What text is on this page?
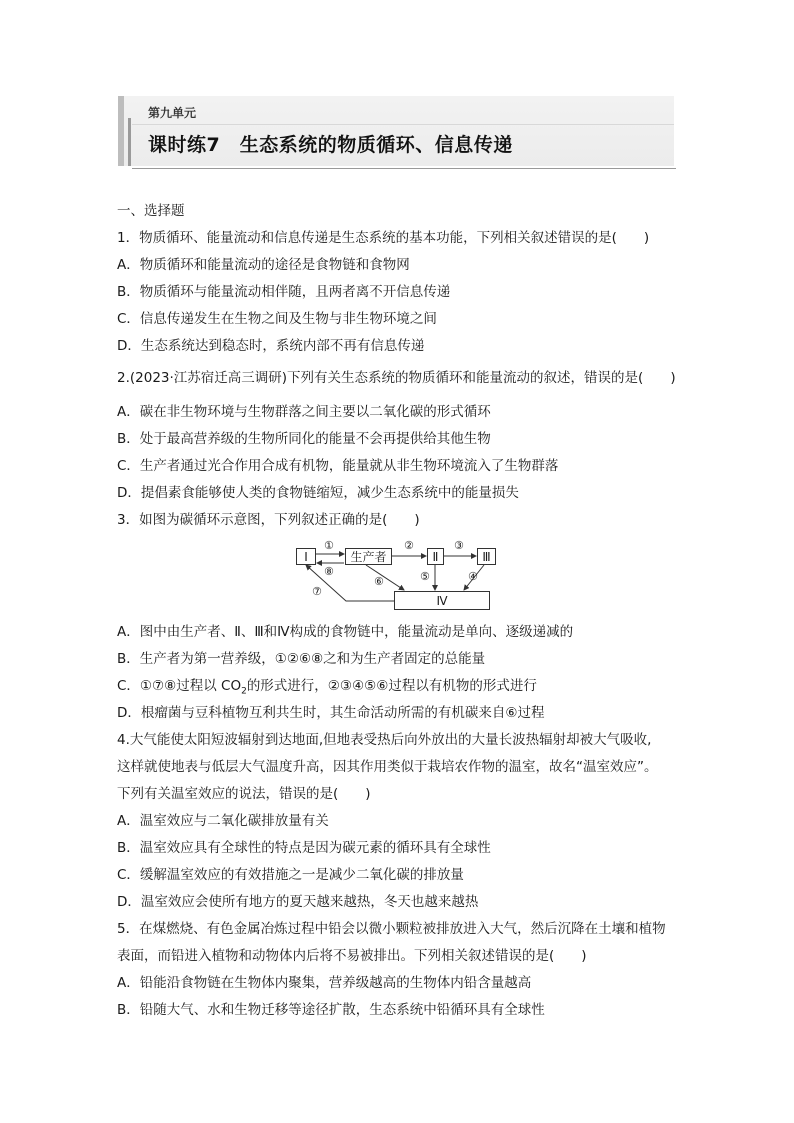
第九单元
课时练7　生态系统的物质循环、信息传递
一、选择题
1．物质循环、能量流动和信息传递是生态系统的基本功能，下列相关叙述错误的是(　　)
A．物质循环和能量流动的途径是食物链和食物网
B．物质循环与能量流动相伴随，且两者离不开信息传递
C．信息传递发生在生物之间及生物与非生物环境之间
D．生态系统达到稳态时，系统内部不再有信息传递
2.(2023·江苏宿迁高三调研)下列有关生态系统的物质循环和能量流动的叙述，错误的是(　　)
A．碳在非生物环境与生物群落之间主要以二氧化碳的形式循环
B．处于最高营养级的生物所同化的能量不会再提供给其他生物
C．生产者通过光合作用合成有机物，能量就从非生物环境流入了生物群落
D．提倡素食能够使人类的食物链缩短，减少生态系统中的能量损失
3．如图为碳循环示意图，下列叙述正确的是(　　)
Ⅰ	生产者	Ⅱ	Ⅲ
Ⅳ
①
⑧
②	③
⑤	④
⑥
⑦
A．图中由生产者、Ⅱ、Ⅲ和Ⅳ构成的食物链中，能量流动是单向、逐级递减的
B．生产者为第一营养级，①②⑥⑧之和为生产者固定的总能量
C．①⑦⑧过程以 $CO_2$的形式进行，②③④⑤⑥过程以有机物的形式进行
D．根瘤菌与豆科植物互利共生时，其生命活动所需的有机碳来自⑥过程
4.大气能使太阳短波辐射到达地面,但地表受热后向外放出的大量长波热辐射却被大气吸收,
这样就使地表与低层大气温度升高，因其作用类似于栽培农作物的温室，故名“温室效应”。
下列有关温室效应的说法，错误的是(　　)
A．温室效应与二氧化碳排放量有关
B．温室效应具有全球性的特点是因为碳元素的循环具有全球性
C．缓解温室效应的有效措施之一是减少二氧化碳的排放量
D．温室效应会使所有地方的夏天越来越热，冬天也越来越热
5．在煤燃烧、有色金属冶炼过程中铅会以微小颗粒被排放进入大气，然后沉降在土壤和植物
表面，而铅进入植物和动物体内后将不易被排出。下列相关叙述错误的是(　　)
A．铅能沿食物链在生物体内聚集，营养级越高的生物体内铅含量越高
B．铅随大气、水和生物迁移等途径扩散，生态系统中铅循环具有全球性
